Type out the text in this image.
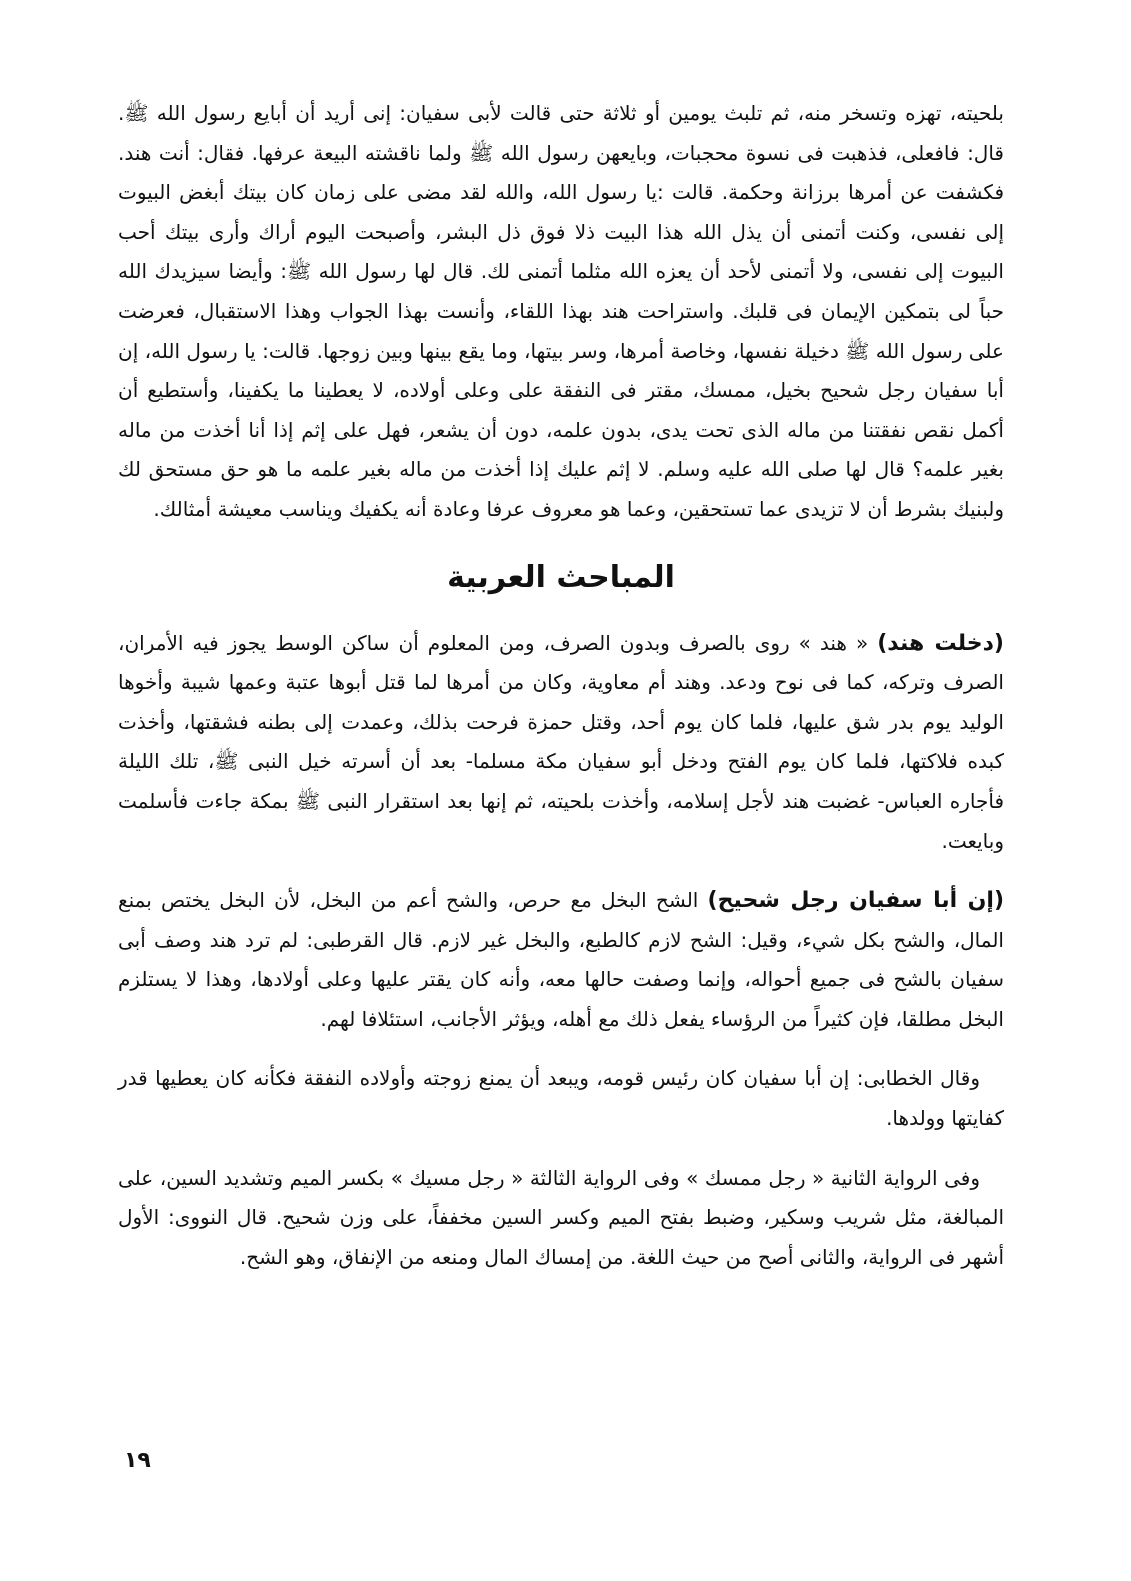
بلحيته، تهزه وتسخر منه، ثم تلبث يومين أو ثلاثة حتى قالت لأبى سفيان: إنى أريد أن أبايع رسول الله ﷺ. قال: فافعلى، فذهبت فى نسوة محجبات، وبايعهن رسول الله ﷺ ولما ناقشته البيعة عرفها. فقال: أنت هند. فكشفت عن أمرها برزانة وحكمة. قالت :يا رسول الله، والله لقد مضى على زمان كان بيتك أبغض البيوت إلى نفسى، وكنت أتمنى أن يذل الله هذا البيت ذلا فوق ذل البشر، وأصبحت اليوم أراك وأرى بيتك أحب البيوت إلى نفسى، ولا أتمنى لأحد أن يعزه الله مثلما أتمنى لك. قال لها رسول الله ﷺ: وأيضا سيزيدك الله حباً لى بتمكين الإيمان فى قلبك. واستراحت هند بهذا اللقاء، وأنست بهذا الجواب وهذا الاستقبال، فعرضت على رسول الله ﷺ دخيلة نفسها، وخاصة أمرها، وسر بيتها، وما يقع بينها وبين زوجها. قالت: يا رسول الله، إن أبا سفيان رجل شحيح بخيل، ممسك، مقتر فى النفقة على وعلى أولاده، لا يعطينا ما يكفينا، وأستطيع أن أكمل نقص نفقتنا من ماله الذى تحت يدى، بدون علمه، دون أن يشعر، فهل على إثم إذا أنا أخذت من ماله بغير علمه؟ قال لها صلى الله عليه وسلم. لا إثم عليك إذا أخذت من ماله بغير علمه ما هو حق مستحق لك ولبنيك بشرط أن لا تزيدى عما تستحقين، وعما هو معروف عرفا وعادة أنه يكفيك ويناسب معيشة أمثالك.

المباحث العربية

(دخلت هند) « هند » روى بالصرف وبدون الصرف، ومن المعلوم أن ساكن الوسط يجوز فيه الأمران، الصرف وتركه، كما فى نوح ودعد. وهند أم معاوية، وكان من أمرها لما قتل أبوها عتبة وعمها شيبة وأخوها الوليد يوم بدر شق عليها، فلما كان يوم أحد، وقتل حمزة فرحت بذلك، وعمدت إلى بطنه فشقتها، وأخذت كبده فلاكتها، فلما كان يوم الفتح ودخل أبو سفيان مكة مسلما- بعد أن أسرته خيل النبى ﷺ، تلك الليلة فأجاره العباس- غضبت هند لأجل إسلامه، وأخذت بلحيته، ثم إنها بعد استقرار النبى ﷺ بمكة جاءت فأسلمت وبايعت.

(إن أبا سفيان رجل شحيح) الشح البخل مع حرص، والشح أعم من البخل، لأن البخل يختص بمنع المال، والشح بكل شيء، وقيل: الشح لازم كالطبع، والبخل غير لازم. قال القرطبى: لم ترد هند وصف أبى سفيان بالشح فى جميع أحواله، وإنما وصفت حالها معه، وأنه كان يقتر عليها وعلى أولادها، وهذا لا يستلزم البخل مطلقا، فإن كثيراً من الرؤساء يفعل ذلك مع أهله، ويؤثر الأجانب، استئلافا لهم.

وقال الخطابى: إن أبا سفيان كان رئيس قومه، ويبعد أن يمنع زوجته وأولاده النفقة فكأنه كان يعطيها قدر كفايتها وولدها.

وفى الرواية الثانية « رجل ممسك » وفى الرواية الثالثة « رجل مسيك » بكسر الميم وتشديد السين، على المبالغة، مثل شريب وسكير، وضبط بفتح الميم وكسر السين مخففاً، على وزن شحيح. قال النووى: الأول أشهر فى الرواية، والثانى أصح من حيث اللغة. من إمساك المال ومنعه من الإنفاق، وهو الشح.

١٩
